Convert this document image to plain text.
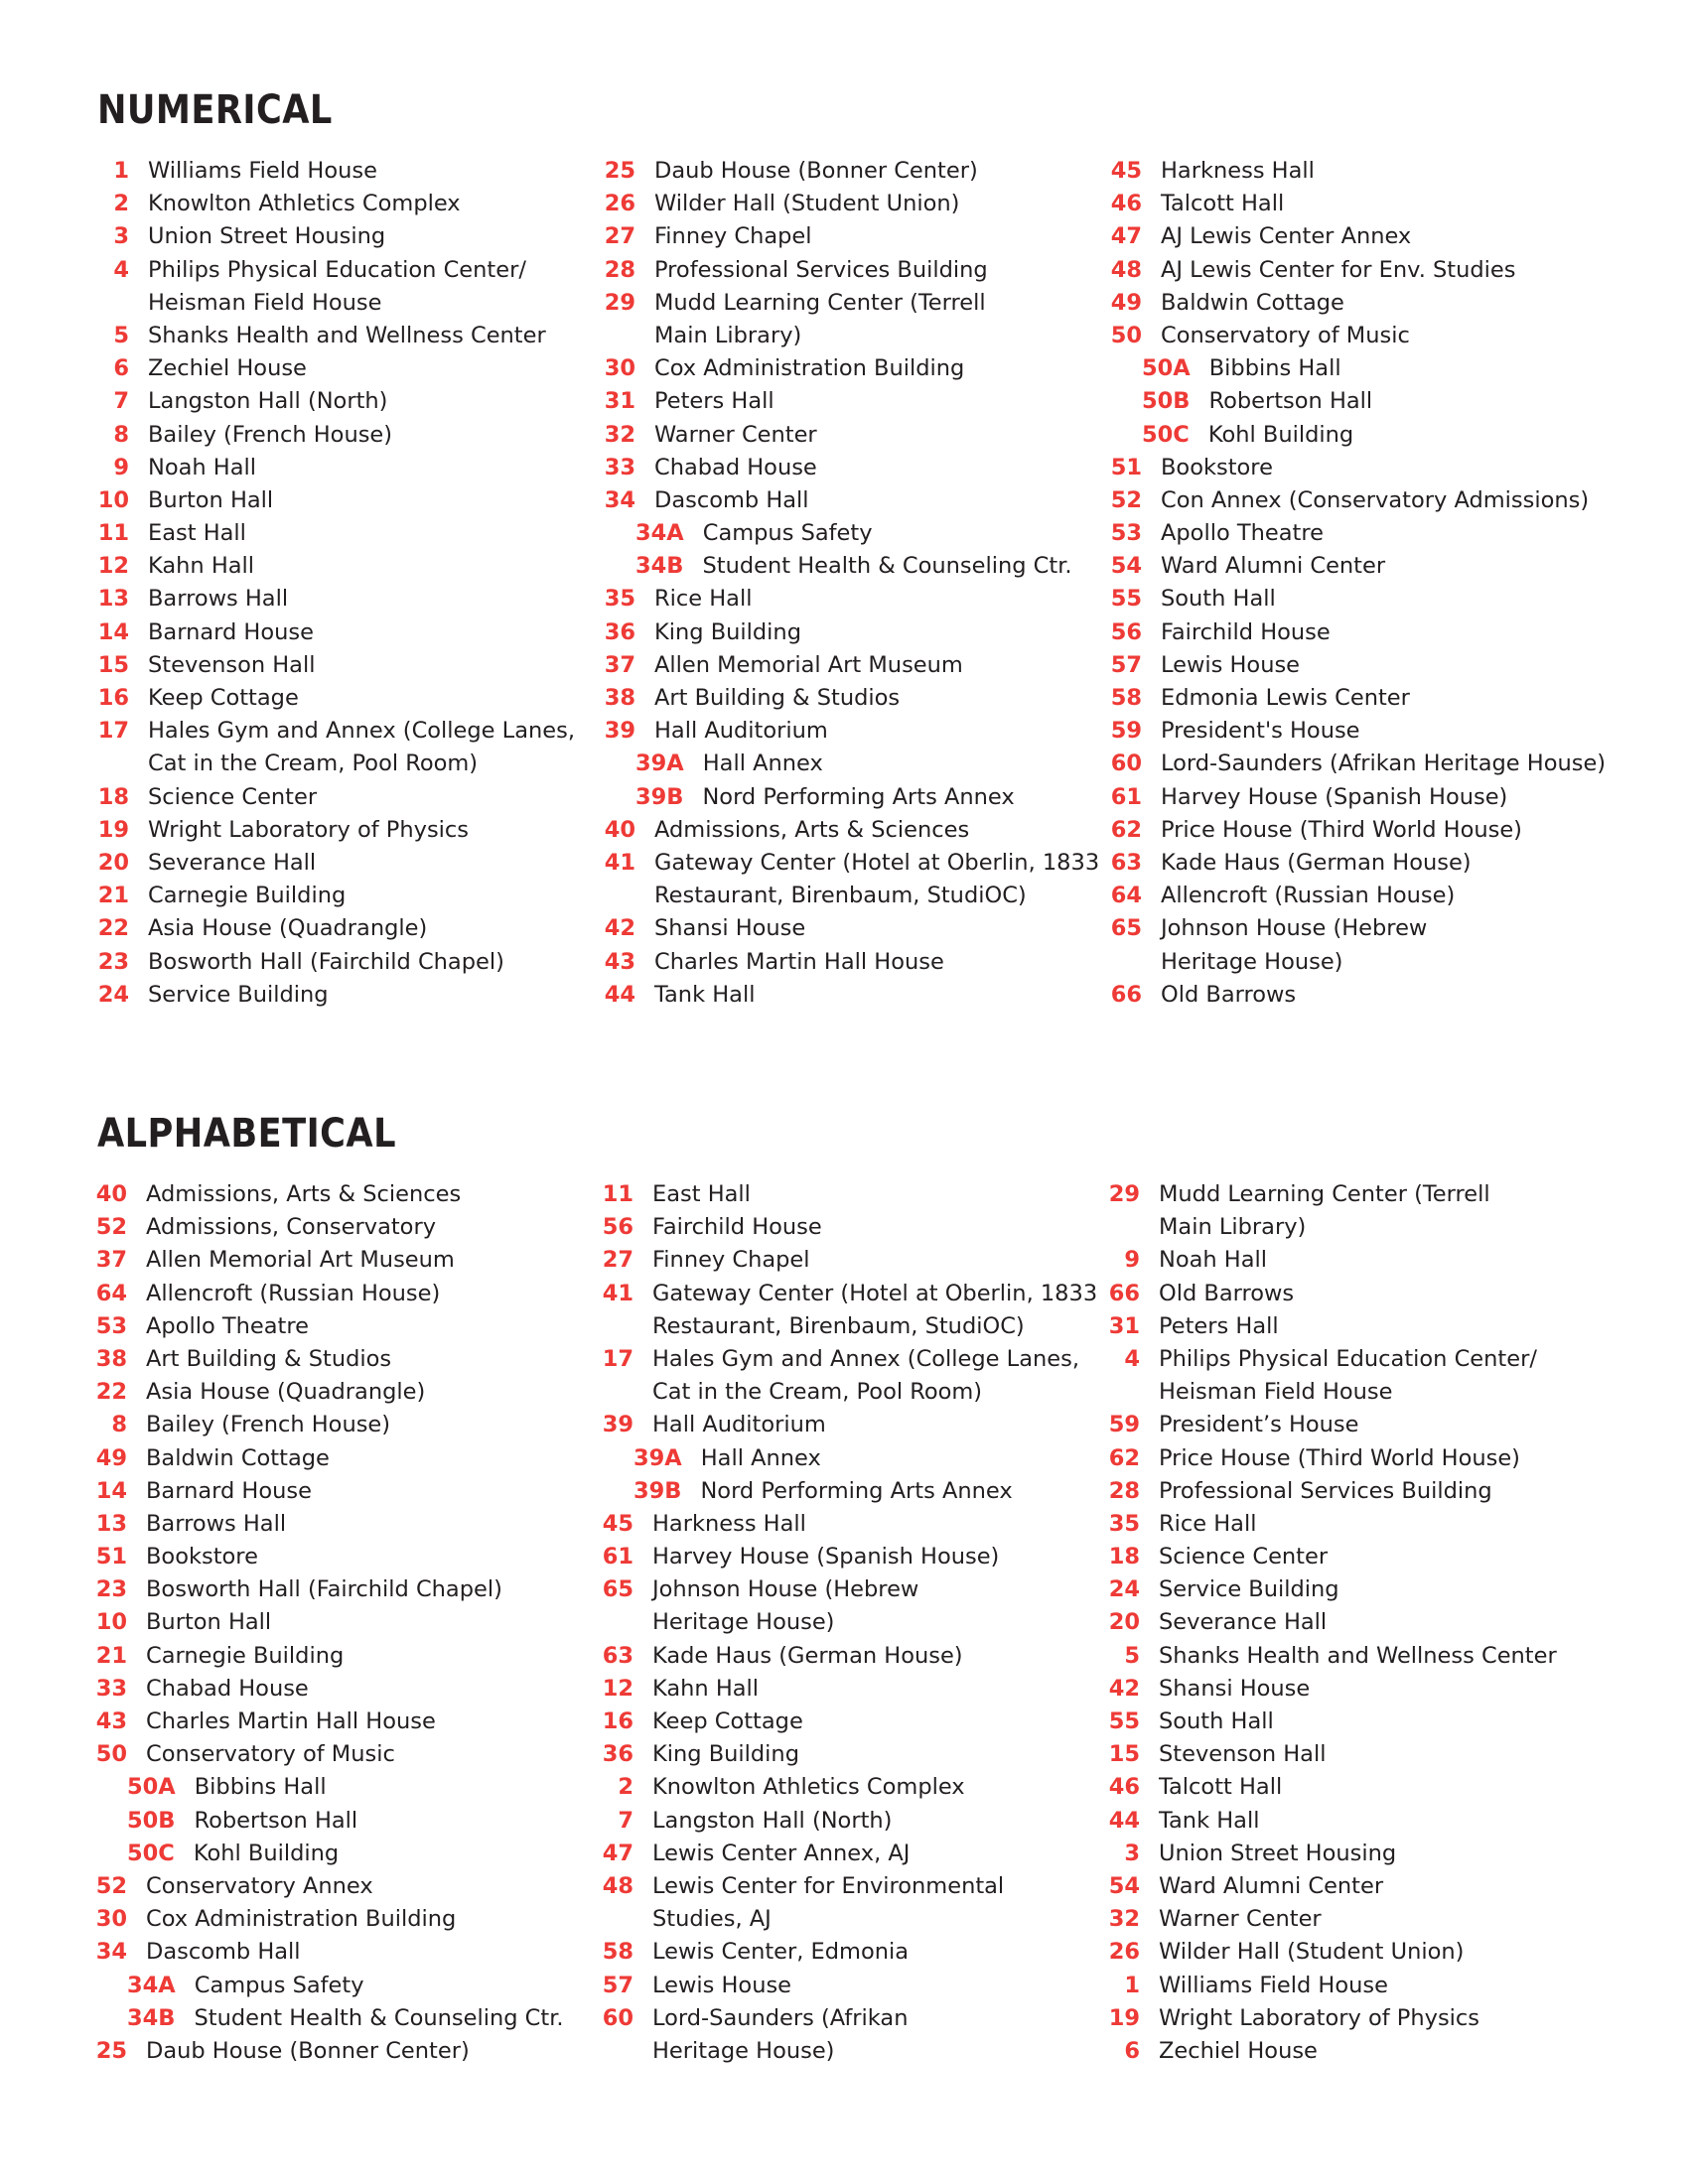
NUMERICAL
1 Williams Field House
2 Knowlton Athletics Complex
3 Union Street Housing
4 Philips Physical Education Center/
Heisman Field House
5 Shanks Health and Wellness Center
6 Zechiel House
7 Langston Hall (North)
8 Bailey (French House)
9 Noah Hall
10 Burton Hall
11 East Hall
12 Kahn Hall
13 Barrows Hall
14 Barnard House
15 Stevenson Hall
16 Keep Cottage
17 Hales Gym and Annex (College Lanes,
Cat in the Cream, Pool Room)
18 Science Center
19 Wright Laboratory of Physics
20 Severance Hall
21 Carnegie Building
22 Asia House (Quadrangle)
23 Bosworth Hall (Fairchild Chapel)
24 Service Building
25 Daub House (Bonner Center)
26 Wilder Hall (Student Union)
27 Finney Chapel
28 Professional Services Building
29 Mudd Learning Center (Terrell
Main Library)
30 Cox Administration Building
31 Peters Hall
32 Warner Center
33 Chabad House
34 Dascomb Hall
34A Campus Safety
34B Student Health & Counseling Ctr.
35 Rice Hall
36 King Building
37 Allen Memorial Art Museum
38 Art Building & Studios
39 Hall Auditorium
39A Hall Annex
39B Nord Performing Arts Annex
40 Admissions, Arts & Sciences
41 Gateway Center (Hotel at Oberlin, 1833
Restaurant, Birenbaum, StudiOC)
42 Shansi House
43 Charles Martin Hall House
44 Tank Hall
45 Harkness Hall
46 Talcott Hall
47 AJ Lewis Center Annex
48 AJ Lewis Center for Env. Studies
49 Baldwin Cottage
50 Conservatory of Music
50A Bibbins Hall
50B Robertson Hall
50C Kohl Building
51 Bookstore
52 Con Annex (Conservatory Admissions)
53 Apollo Theatre
54 Ward Alumni Center
55 South Hall
56 Fairchild House
57 Lewis House
58 Edmonia Lewis Center
59 President's House
60 Lord-Saunders (Afrikan Heritage House)
61 Harvey House (Spanish House)
62 Price House (Third World House)
63 Kade Haus (German House)
64 Allencroft (Russian House)
65 Johnson House (Hebrew
Heritage House)
66 Old Barrows
ALPHABETICAL
40 Admissions, Arts & Sciences
52 Admissions, Conservatory
37 Allen Memorial Art Museum
64 Allencroft (Russian House)
53 Apollo Theatre
38 Art Building & Studios
22 Asia House (Quadrangle)
8 Bailey (French House)
49 Baldwin Cottage
14 Barnard House
13 Barrows Hall
51 Bookstore
23 Bosworth Hall (Fairchild Chapel)
10 Burton Hall
21 Carnegie Building
33 Chabad House
43 Charles Martin Hall House
50 Conservatory of Music
50A Bibbins Hall
50B Robertson Hall
50C Kohl Building
52 Conservatory Annex
30 Cox Administration Building
34 Dascomb Hall
34A Campus Safety
34B Student Health & Counseling Ctr.
25 Daub House (Bonner Center)
11 East Hall
56 Fairchild House
27 Finney Chapel
41 Gateway Center (Hotel at Oberlin, 1833
Restaurant, Birenbaum, StudiOC)
17 Hales Gym and Annex (College Lanes,
Cat in the Cream, Pool Room)
39 Hall Auditorium
39A Hall Annex
39B Nord Performing Arts Annex
45 Harkness Hall
61 Harvey House (Spanish House)
65 Johnson House (Hebrew
Heritage House)
63 Kade Haus (German House)
12 Kahn Hall
16 Keep Cottage
36 King Building
2 Knowlton Athletics Complex
7 Langston Hall (North)
47 Lewis Center Annex, AJ
48 Lewis Center for Environmental
Studies, AJ
58 Lewis Center, Edmonia
57 Lewis House
60 Lord-Saunders (Afrikan
Heritage House)
29 Mudd Learning Center (Terrell
Main Library)
9 Noah Hall
66 Old Barrows
31 Peters Hall
4 Philips Physical Education Center/
Heisman Field House
59 President’s House
62 Price House (Third World House)
28 Professional Services Building
35 Rice Hall
18 Science Center
24 Service Building
20 Severance Hall
5 Shanks Health and Wellness Center
42 Shansi House
55 South Hall
15 Stevenson Hall
46 Talcott Hall
44 Tank Hall
3 Union Street Housing
54 Ward Alumni Center
32 Warner Center
26 Wilder Hall (Student Union)
1 Williams Field House
19 Wright Laboratory of Physics
6 Zechiel House
